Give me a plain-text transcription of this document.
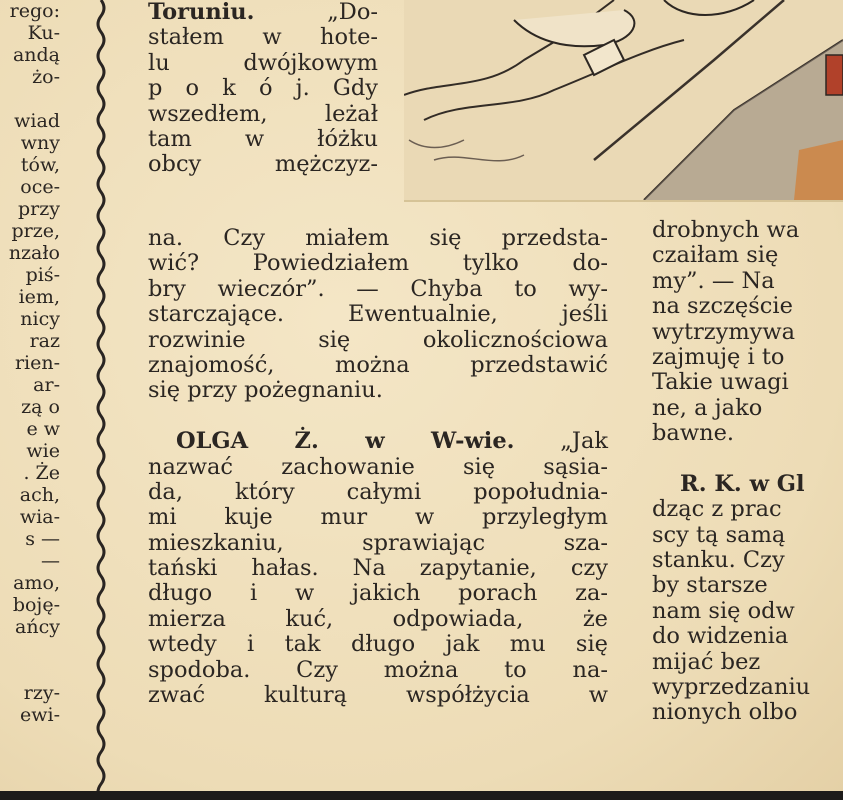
rego:
Ku-
andą
żo-

wiad
wny
tów,
oce-
przy
prze,
nzało
piś-
iem,
nicy
raz
rien-
ar-
zą o
e w
wie
. Że
ach,
wia-
s —
—
amo,
boję-
ańcy

rzy-
ewi-
Toruniu. „Do-
stałem w hote-
lu dwójkowym
p o k ó j. Gdy
wszedłem, leżał
tam w łóżku
obcy mężczyz-
na. Czy miałem się przedsta-
wić? Powiedziałem tylko do-
bry wieczór”. — Chyba to wy-
starczające. Ewentualnie, jeśli
rozwinie się okolicznościowa
znajomość, można przedstawić
się przy pożegnaniu.

OLGA Ż. w W-wie. „Jak
nazwać zachowanie się sąsia-
da, który całymi popołudnia-
mi kuje mur w przyległym
mieszkaniu, sprawiając sza-
tański hałas. Na zapytanie, czy
długo i w jakich porach za-
mierza kuć, odpowiada, że
wtedy i tak długo jak mu się
spodoba. Czy można to na-
zwać kulturą współżycia w
drobnych wa
czaiłam się
my”. — Na
na szczęście
wytrzymywa
zajmuję i to
Takie uwagi
ne, a jako
bawne.

R. K. w Gl
dząc z prac
scy tą samą
stanku. Czy
by starsze
nam się odw
do widzenia
mijać bez
wyprzedzaniu
nionych olbo
